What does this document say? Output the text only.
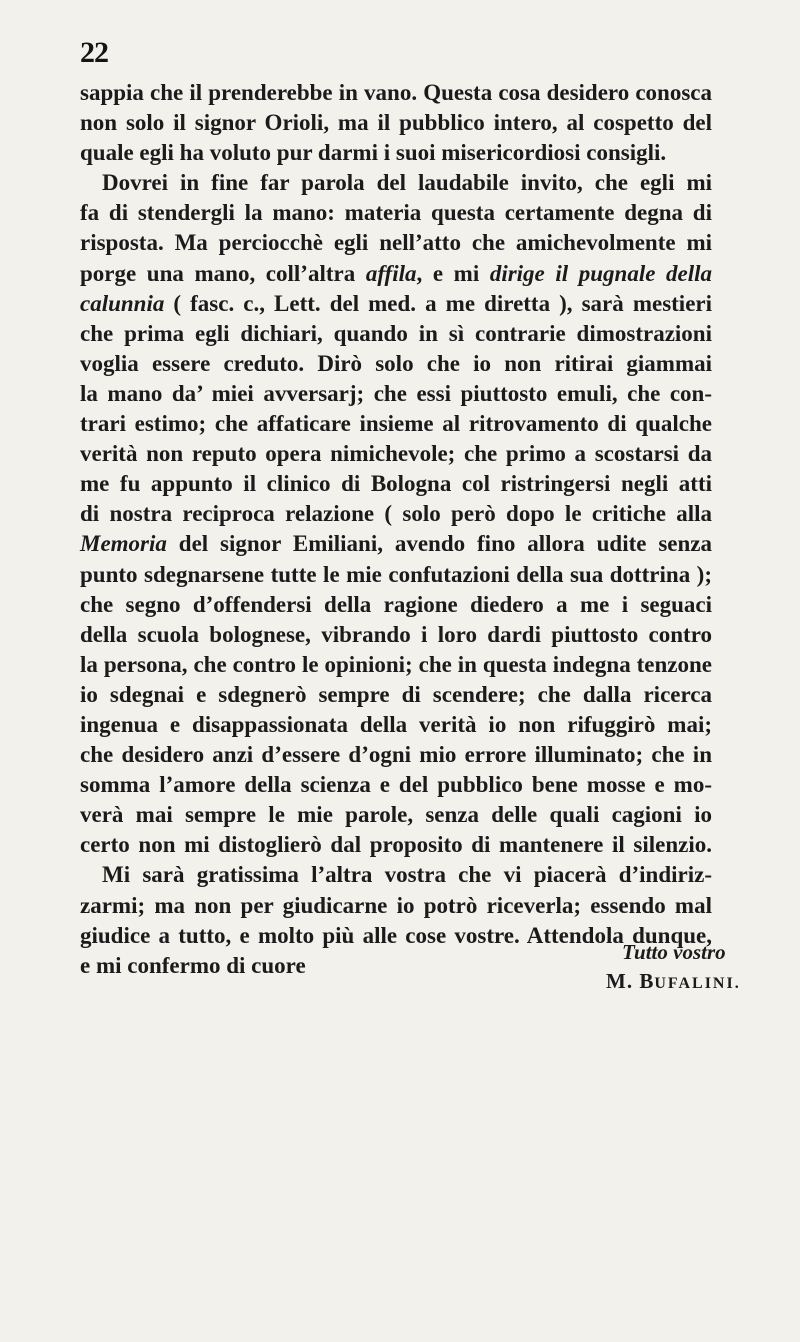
22
sappia che il prenderebbe in vano. Questa cosa desidero conosca
non solo il signor Orioli, ma il pubblico intero, al cospetto del
quale egli ha voluto pur darmi i suoi misericordiosi consigli.
Dovrei in fine far parola del laudabile invito, che egli mi
fa di stendergli la mano: materia questa certamente degna di
risposta. Ma perciocchè egli nell’atto che amichevolmente mi
porge una mano, coll’altra affila, e mi dirige il pugnale della
calunnia ( fasc. c., Lett. del med. a me diretta ), sarà mestieri
che prima egli dichiari, quando in sì contrarie dimostrazioni
voglia essere creduto. Dirò solo che io non ritirai giammai
la mano da’ miei avversarj; che essi piuttosto emuli, che con-
trari estimo; che affaticare insieme al ritrovamento di qualche
verità non reputo opera nimichevole; che primo a scostarsi da
me fu appunto il clinico di Bologna col ristringersi negli atti
di nostra reciproca relazione ( solo però dopo le critiche alla
Memoria del signor Emiliani, avendo fino allora udite senza
punto sdegnarsene tutte le mie confutazioni della sua dottrina );
che segno d’offendersi della ragione diedero a me i seguaci
della scuola bolognese, vibrando i loro dardi piuttosto contro
la persona, che contro le opinioni; che in questa indegna tenzone
io sdegnai e sdegnerò sempre di scendere; che dalla ricerca
ingenua e disappassionata della verità io non rifuggirò mai;
che desidero anzi d’essere d’ogni mio errore illuminato; che in
somma l’amore della scienza e del pubblico bene mosse e mo-
verà mai sempre le mie parole, senza delle quali cagioni io
certo non mi distoglierò dal proposito di mantenere il silenzio.
Mi sarà gratissima l’altra vostra che vi piacerà d’indiriz-
zarmi; ma non per giudicarne io potrò riceverla; essendo mal
giudice a tutto, e molto più alle cose vostre. Attendola dunque,
e mi confermo di cuore
Tutto vostro
M. BUFALINI.
